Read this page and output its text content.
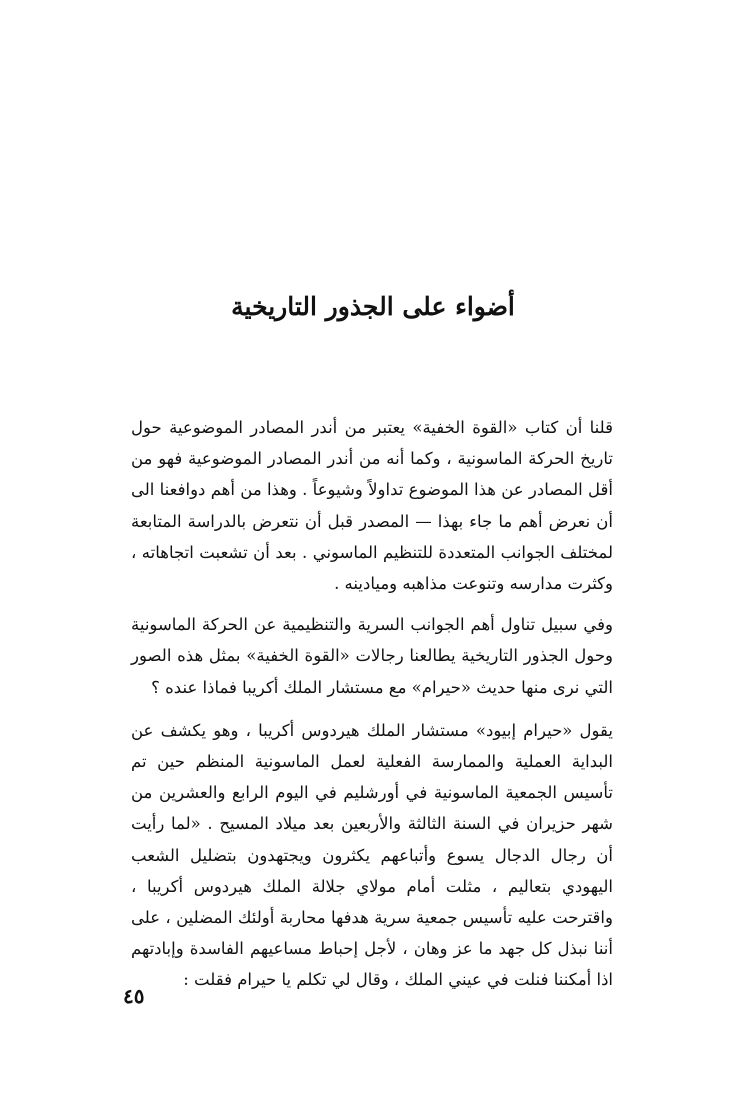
أضواء على الجذور التاريخية

قلنا أن كتاب «القوة الخفية» يعتبر من أندر المصادر الموضوعية حول تاريخ الحركة الماسونية ، وكما أنه من أندر المصادر الموضوعية فهو من أقل المصادر عن هذا الموضوع تداولاً وشيوعاً . وهذا من أهم دوافعنا الى أن نعرض أهم ما جاء بهذا — المصدر قبل أن نتعرض بالدراسة المتابعة لمختلف الجوانب المتعددة للتنظيم الماسوني . بعد أن تشعبت اتجاهاته ، وكثرت مدارسه وتنوعت مذاهبه وميادينه .

وفي سبيل تناول أهم الجوانب السرية والتنظيمية عن الحركة الماسونية وحول الجذور التاريخية يطالعنا رجالات «القوة الخفية» بمثل هذه الصور التي نرى منها حديث «حيرام» مع مستشار الملك أكريبا فماذا عنده ؟

يقول «حيرام إبيود» مستشار الملك هيردوس أكريبا ، وهو يكشف عن البداية العملية والممارسة الفعلية لعمل الماسونية المنظم حين تم تأسيس الجمعية الماسونية في أورشليم في اليوم الرابع والعشرين من شهر حزيران في السنة الثالثة والأربعين بعد ميلاد المسيح . «لما رأيت أن رجال الدجال يسوع وأتباعهم يكثرون ويجتهدون بتضليل الشعب اليهودي بتعاليم ، مثلت أمام مولاي جلالة الملك هيردوس أكريبا ، واقترحت عليه تأسيس جمعية سرية هدفها محاربة أولئك المضلين ، على أننا نبذل كل جهد ما عز وهان ، لأجل إحباط مساعيهم الفاسدة وإبادتهم اذا أمكننا فنلت في عيني الملك ، وقال لي تكلم يا حيرام فقلت :

٤٥
